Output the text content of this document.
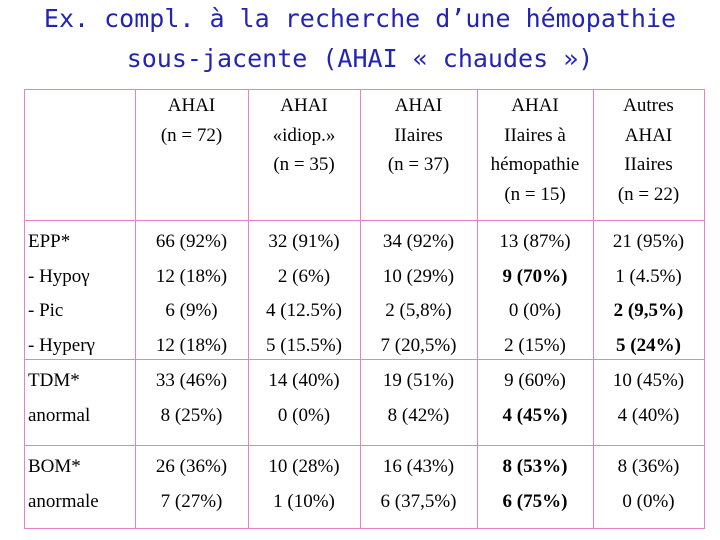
Ex. compl. à la recherche d’une hémopathie
sous-jacente (AHAI « chaudes »)
AHAI
(n = 72)
AHAI
«idiop.»
(n = 35)
AHAI
IIaires
(n = 37)
AHAI
IIaires à
hémopathie
(n = 15)
Autres
AHAI
IIaires
(n = 22)
EPP*
- Hypoγ
- Pic
- Hyperγ
66 (92%)
12 (18%)
6 (9%)
12 (18%)
32 (91%)
2 (6%)
4 (12.5%)
5 (15.5%)
34 (92%)
10 (29%)
2 (5,8%)
7 (20,5%)
13 (87%)
9 (70%)
0 (0%)
2 (15%)
21 (95%)
1 (4.5%)
2 (9,5%)
5 (24%)
TDM*
anormal
33 (46%)
8 (25%)
14 (40%)
0 (0%)
19 (51%)
8 (42%)
9 (60%)
4 (45%)
10 (45%)
4 (40%)
BOM*
anormale
26 (36%)
7 (27%)
10 (28%)
1 (10%)
16 (43%)
6 (37,5%)
8 (53%)
6 (75%)
8 (36%)
0 (0%)
